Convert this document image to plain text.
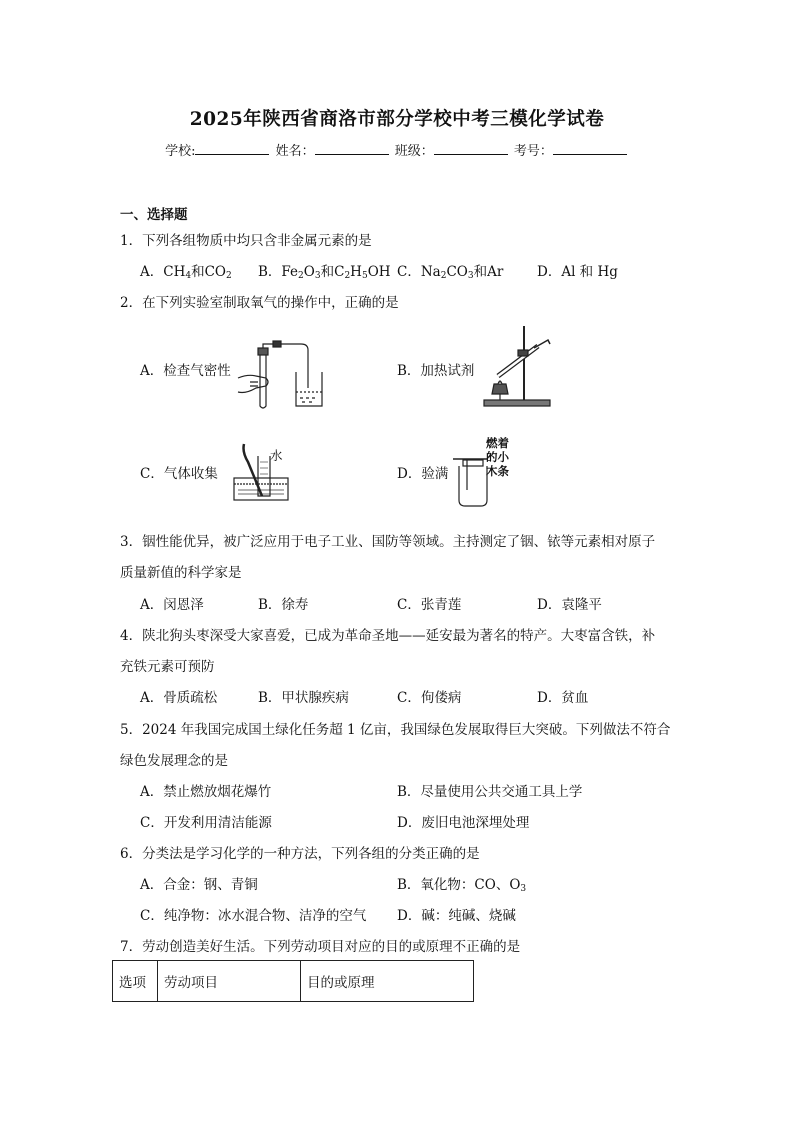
2025年陕西省商洛市部分学校中考三模化学试卷
学校:	姓名：	班级：	考号：
一、选择题
1．下列各组物质中均只含非金属元素的是
A．$CH_4$和$CO_2$ B．$Fe_2O_3$和$C_2H_5OH$ C．$Na_2CO_3$和Ar D．Al 和 Hg
2．在下列实验室制取氧气的操作中，正确的是
A．检查气密性	B．加热试剂
C．气体收集	D．验满
水
燃着
的小
木条
3．铟性能优异，被广泛应用于电子工业、国防等领域。主持测定了铟、铱等元素相对原子
质量新值的科学家是
A．闵恩泽	B．徐寿	C．张青莲	D．袁隆平
4．陕北狗头枣深受大家喜爱，已成为革命圣地——延安最为著名的特产。大枣富含铁，补
充铁元素可预防
A．骨质疏松	B．甲状腺疾病	C．佝偻病	D．贫血
5．2024 年我国完成国土绿化任务超 1 亿亩，我国绿色发展取得巨大突破。下列做法不符合
绿色发展理念的是
A．禁止燃放烟花爆竹	B．尽量使用公共交通工具上学
C．开发利用清洁能源	D．废旧电池深埋处理
6．分类法是学习化学的一种方法，下列各组的分类正确的是
A．合金：钢、青铜	B．氧化物：CO、$O_3$
C．纯净物：冰水混合物、洁净的空气 D．碱：纯碱、烧碱
7．劳动创造美好生活。下列劳动项目对应的目的或原理不正确的是
选项	劳动项目	目的或原理
